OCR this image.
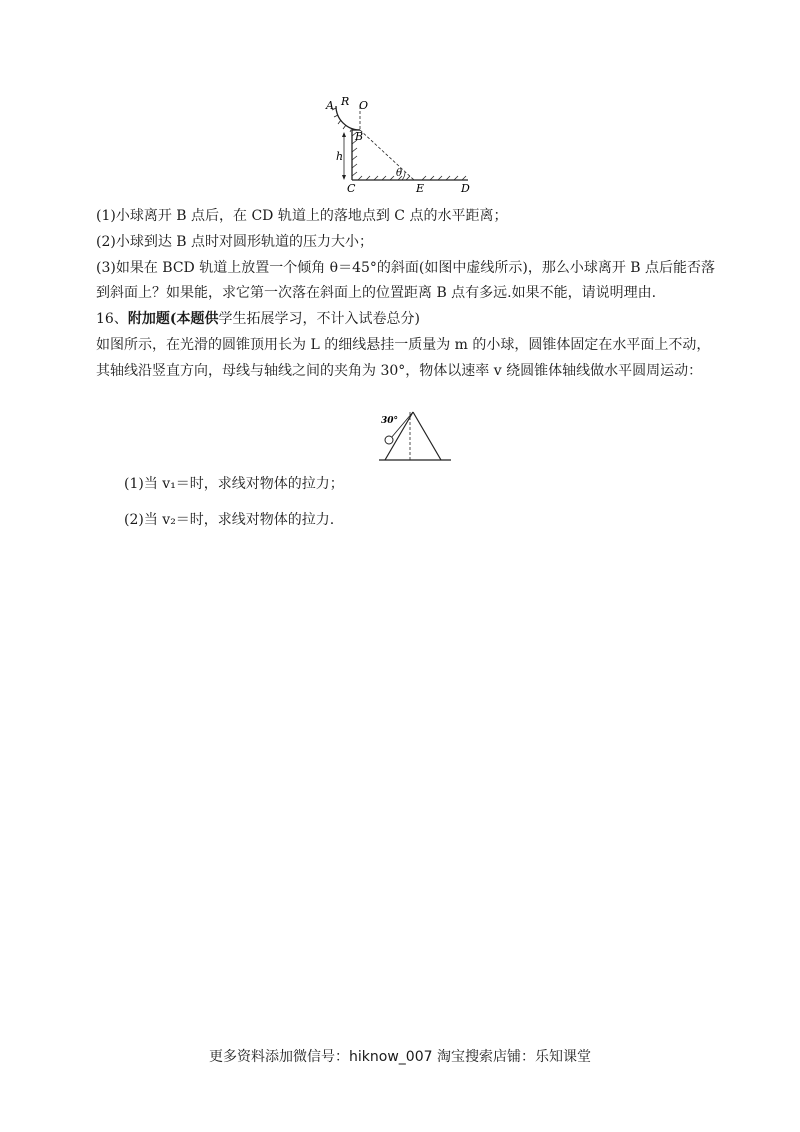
A R O
B
h
C
θ
E	D
(1)小球离开 B 点后，在 CD 轨道上的落地点到 C 点的水平距离；
(2)小球到达 B 点时对圆形轨道的压力大小；
(3)如果在 BCD 轨道上放置一个倾角 θ＝45°的斜面(如图中虚线所示)，那么小球离开 B 点后能否落
到斜面上？如果能，求它第一次落在斜面上的位置距离 B 点有多远.如果不能，请说明理由.
16、附加题(本题供学生拓展学习，不计入试卷总分)
如图所示，在光滑的圆锥顶用长为 L 的细线悬挂一质量为 m 的小球，圆锥体固定在水平面上不动，
其轴线沿竖直方向，母线与轴线之间的夹角为 30°，物体以速率 v 绕圆锥体轴线做水平圆周运动：
30°
(1)当 v₁＝时，求线对物体的拉力；
(2)当 v₂＝时，求线对物体的拉力.
更多资料添加微信号：hiknow_007 淘宝搜索店铺：乐知课堂
